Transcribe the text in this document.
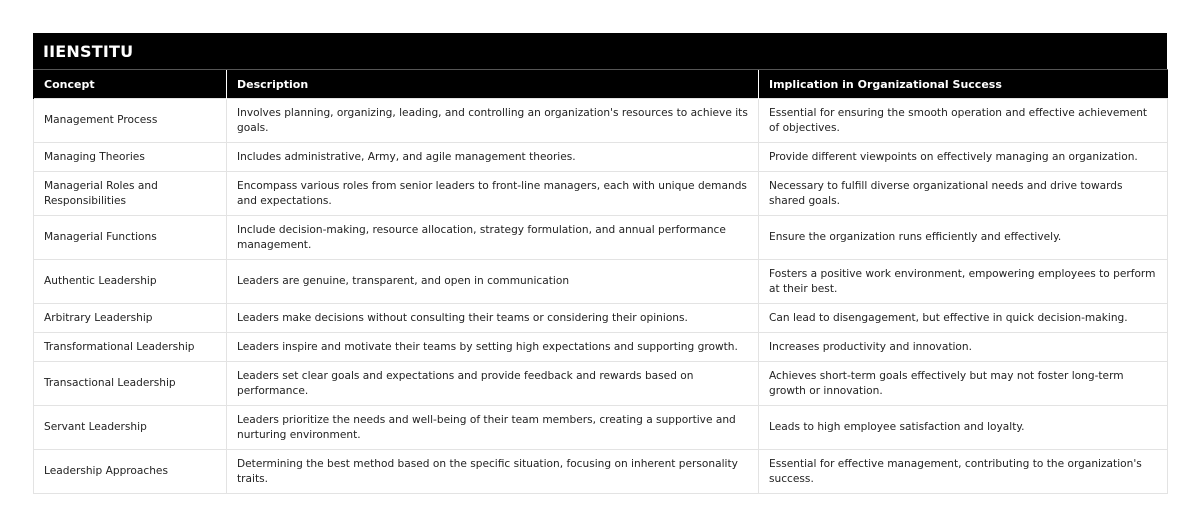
IIENSTITU
Concept	Description	Implication in Organizational Success
Management Process	Involves planning, organizing, leading, and controlling an organization's resources to achieve its goals.	Essential for ensuring the smooth operation and effective achievement of objectives.
Managing Theories	Includes administrative, Army, and agile management theories.	Provide different viewpoints on effectively managing an organization.
Managerial Roles and Responsibilities	Encompass various roles from senior leaders to front-line managers, each with unique demands and expectations.	Necessary to fulfill diverse organizational needs and drive towards shared goals.
Managerial Functions	Include decision-making, resource allocation, strategy formulation, and annual performance management.	Ensure the organization runs efficiently and effectively.
Authentic Leadership	Leaders are genuine, transparent, and open in communication	Fosters a positive work environment, empowering employees to perform at their best.
Arbitrary Leadership	Leaders make decisions without consulting their teams or considering their opinions.	Can lead to disengagement, but effective in quick decision-making.
Transformational Leadership	Leaders inspire and motivate their teams by setting high expectations and supporting growth.	Increases productivity and innovation.
Transactional Leadership	Leaders set clear goals and expectations and provide feedback and rewards based on performance.	Achieves short-term goals effectively but may not foster long-term growth or innovation.
Servant Leadership	Leaders prioritize the needs and well-being of their team members, creating a supportive and nurturing environment.	Leads to high employee satisfaction and loyalty.
Leadership Approaches	Determining the best method based on the specific situation, focusing on inherent personality traits.	Essential for effective management, contributing to the organization's success.
